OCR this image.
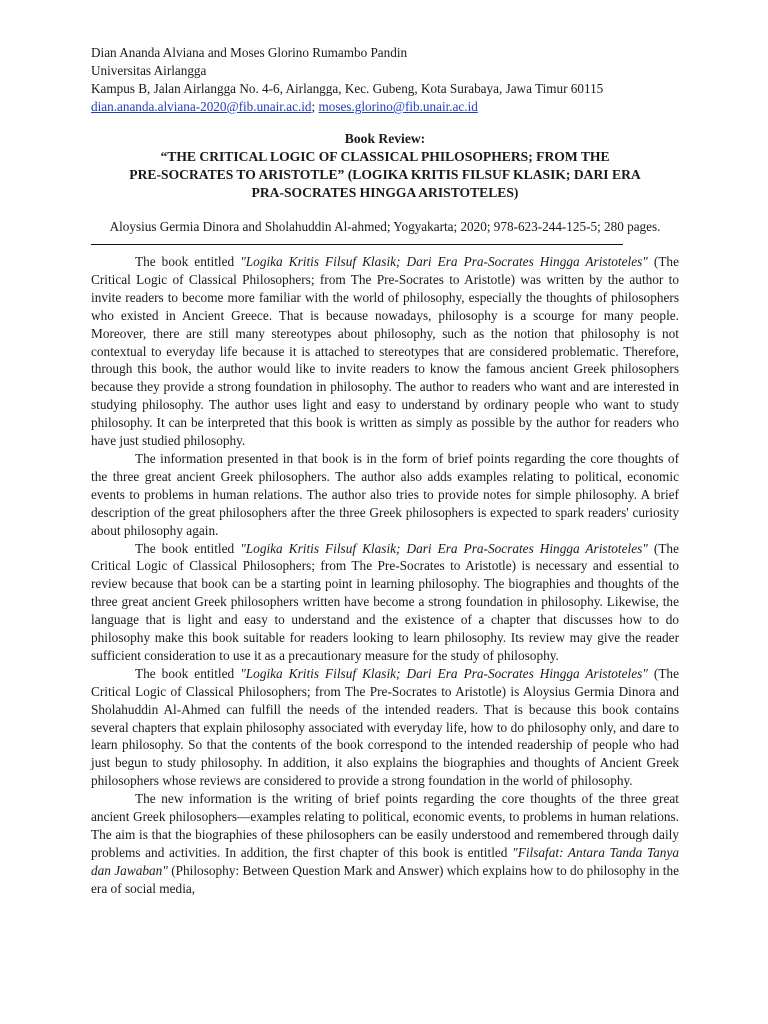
Dian Ananda Alviana and Moses Glorino Rumambo Pandin
Universitas Airlangga
Kampus B, Jalan Airlangga No. 4-6, Airlangga, Kec. Gubeng, Kota Surabaya, Jawa Timur 60115
dian.ananda.alviana-2020@fib.unair.ac.id; moses.glorino@fib.unair.ac.id
Book Review:
“THE CRITICAL LOGIC OF CLASSICAL PHILOSOPHERS; FROM THE
PRE-SOCRATES TO ARISTOTLE” (LOGIKA KRITIS FILSUF KLASIK; DARI ERA
PRA-SOCRATES HINGGA ARISTOTELES)
Aloysius Germia Dinora and Sholahuddin Al-ahmed; Yogyakarta; 2020; 978-623-244-125-5; 280 pages.

The book entitled "Logika Kritis Filsuf Klasik; Dari Era Pra-Socrates Hingga Aristoteles" (The Critical Logic of Classical Philosophers; from The Pre-Socrates to Aristotle) was written by the author to invite readers to become more familiar with the world of philosophy, especially the thoughts of philosophers who existed in Ancient Greece. That is because nowadays, philosophy is a scourge for many people. Moreover, there are still many stereotypes about philosophy, such as the notion that philosophy is not contextual to everyday life because it is attached to stereotypes that are considered problematic. Therefore, through this book, the author would like to invite readers to know the famous ancient Greek philosophers because they provide a strong foundation in philosophy. The author to readers who want and are interested in studying philosophy. The author uses light and easy to understand by ordinary people who want to study philosophy. It can be interpreted that this book is written as simply as possible by the author for readers who have just studied philosophy.

The information presented in that book is in the form of brief points regarding the core thoughts of the three great ancient Greek philosophers. The author also adds examples relating to political, economic events to problems in human relations. The author also tries to provide notes for simple philosophy. A brief description of the great philosophers after the three Greek philosophers is expected to spark readers' curiosity about philosophy again.

The book entitled "Logika Kritis Filsuf Klasik; Dari Era Pra-Socrates Hingga Aristoteles" (The Critical Logic of Classical Philosophers; from The Pre-Socrates to Aristotle) is necessary and essential to review because that book can be a starting point in learning philosophy. The biographies and thoughts of the three great ancient Greek philosophers written have become a strong foundation in philosophy. Likewise, the language that is light and easy to understand and the existence of a chapter that discusses how to do philosophy make this book suitable for readers looking to learn philosophy. Its review may give the reader sufficient consideration to use it as a precautionary measure for the study of philosophy.

The book entitled "Logika Kritis Filsuf Klasik; Dari Era Pra-Socrates Hingga Aristoteles" (The Critical Logic of Classical Philosophers; from The Pre-Socrates to Aristotle) is Aloysius Germia Dinora and Sholahuddin Al-Ahmed can fulfill the needs of the intended readers. That is because this book contains several chapters that explain philosophy associated with everyday life, how to do philosophy only, and dare to learn philosophy. So that the contents of the book correspond to the intended readership of people who had just begun to study philosophy. In addition, it also explains the biographies and thoughts of Ancient Greek philosophers whose reviews are considered to provide a strong foundation in the world of philosophy.

The new information is the writing of brief points regarding the core thoughts of the three great ancient Greek philosophers—examples relating to political, economic events, to problems in human relations. The aim is that the biographies of these philosophers can be easily understood and remembered through daily problems and activities. In addition, the first chapter of this book is entitled "Filsafat: Antara Tanda Tanya dan Jawaban" (Philosophy: Between Question Mark and Answer) which explains how to do philosophy in the era of social media,
